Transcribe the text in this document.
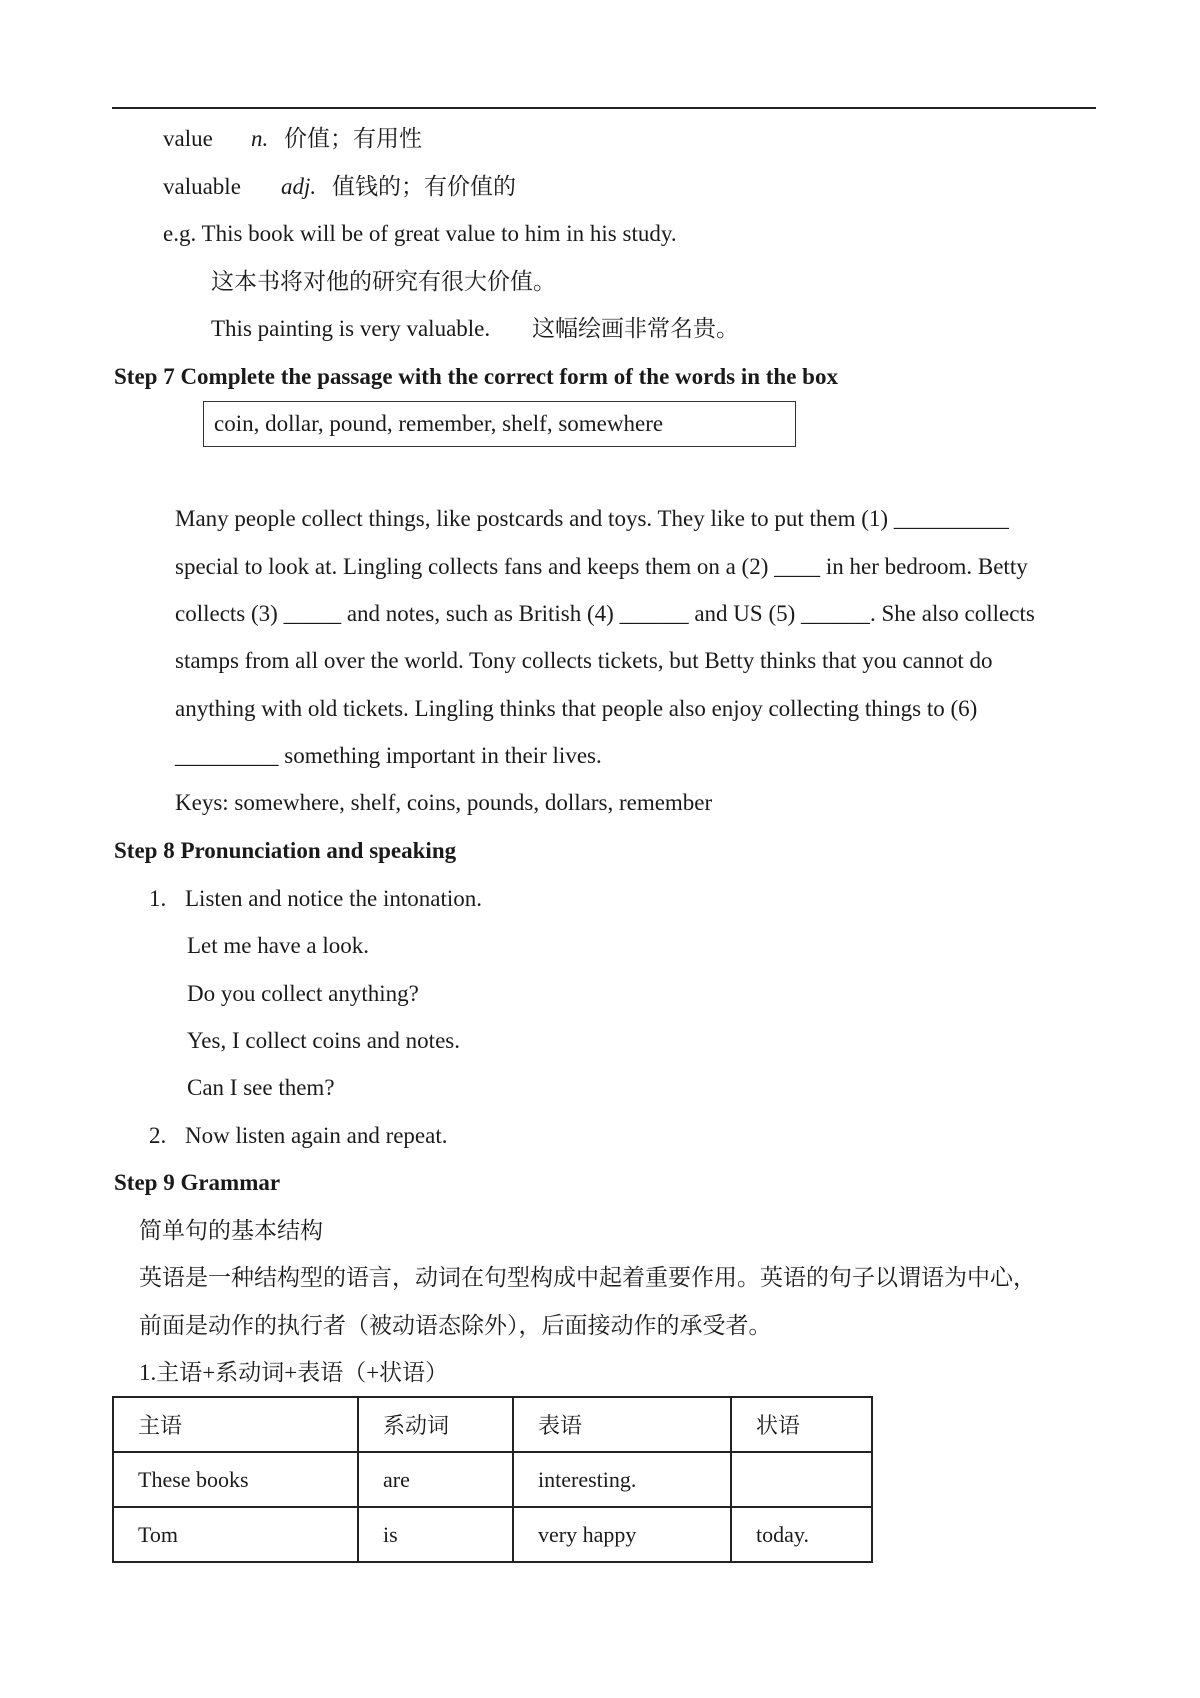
value n. 价值；有用性
valuable adj. 值钱的；有价值的
e.g. This book will be of great value to him in his study.
这本书将对他的研究有很大价值。
This painting is very valuable. 这幅绘画非常名贵。
Step 7 Complete the passage with the correct form of the words in the box
coin, dollar, pound, remember, shelf, somewhere
Many people collect things, like postcards and toys. They like to put them (1) __________
special to look at. Lingling collects fans and keeps them on a (2) ____ in her bedroom. Betty
collects (3) _____ and notes, such as British (4) ______ and US (5) ______. She also collects
stamps from all over the world. Tony collects tickets, but Betty thinks that you cannot do
anything with old tickets. Lingling thinks that people also enjoy collecting things to (6)
_________ something important in their lives.
Keys: somewhere, shelf, coins, pounds, dollars, remember
Step 8 Pronunciation and speaking
1. Listen and notice the intonation.
Let me have a look.
Do you collect anything?
Yes, I collect coins and notes.
Can I see them?
2. Now listen again and repeat.
Step 9 Grammar
简单句的基本结构
英语是一种结构型的语言，动词在句型构成中起着重要作用。英语的句子以谓语为中心，
前面是动作的执行者（被动语态除外），后面接动作的承受者。
1.主语+系动词+表语（+状语）
主语	系动词	表语	状语
These books	are	interesting.	
Tom	is	very happy	today.
